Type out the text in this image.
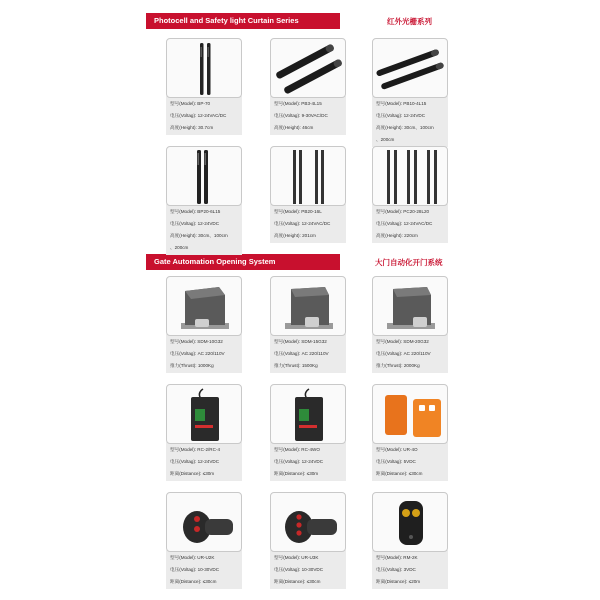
Photocell and Safety light Curtain Series	红外光栅系列
Gate Automation Opening System	大门自动化开门系统
型号(Model): BP-70
电压(Voltag): 12-24VAC/DC
高度(Height): 30.7cm
型号(Model): PB3-4L15
电压(Voltag): 9-30VAC/DC
高度(Height): 46cm
型号(Model): PB10-4L15
电压(Voltag): 12-24VDC
高度(Height): 30cm、100cm
、200cm
型号(Model): BP20-6L15
电压(Voltag): 12-24VDC
高度(Height): 30cm、100cm
、200cm
型号(Model): PB20-16L
电压(Voltag): 12-24VAC/DC
高度(Height): 201cm
型号(Model): PC20-28L20
电压(Voltag): 12-24VAC/DC
高度(Height): 220cm
型号(Model): SDM-10G32
电压(Voltag): AC 220/110V
推力(Thrust): 1000Kg
型号(Model): SDM-15G32
电压(Voltag): AC 220/110V
推力(Thrust): 1500Kg
型号(Model): SDM-20G32
电压(Voltag): AC 220/110V
推力(Thrust): 2000Kg
型号(Model): RC-2/RC-4
电压(Voltag): 12-24VDC
距离(Distance): ≤30m
型号(Model): RC-4WO
电压(Voltag): 12-24VDC
距离(Distance): ≤30m
型号(Model): UR-4O
电压(Voltag): 5VDC
距离(Distance): ≤30cm
型号(Model): UR-U2K
电压(Voltag): 10-30VDC
距离(Distance): ≤30cm
型号(Model): UR-U3K
电压(Voltag): 10-30VDC
距离(Distance): ≤30cm
型号(Model): RM-2K
电压(Voltag): 3VDC
距离(Distance): ≤20m
